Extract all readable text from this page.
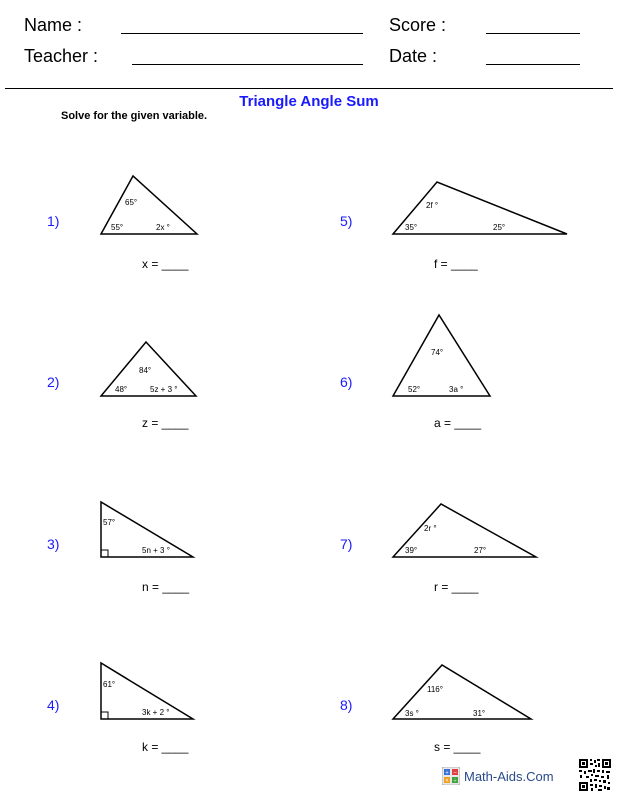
Name :	Score :
Teacher :	Date :
Triangle Angle Sum
Solve for the given variable.
1)
2)
3)
4)
5)
6)
7)
8)
x = ____
z = ____
n = ____
k = ____
f = ____
a = ____
r = ____
s = ____
65°
55°	2x °
84°
48°	5z + 3 °
57°
5n + 3 °
61°
3k + 2 °
2f °
35°	25°
74°
52°	3a °
2r °
39°	27°
116°
3s °	31°
+ −
× ÷ Math-Aids.Com
